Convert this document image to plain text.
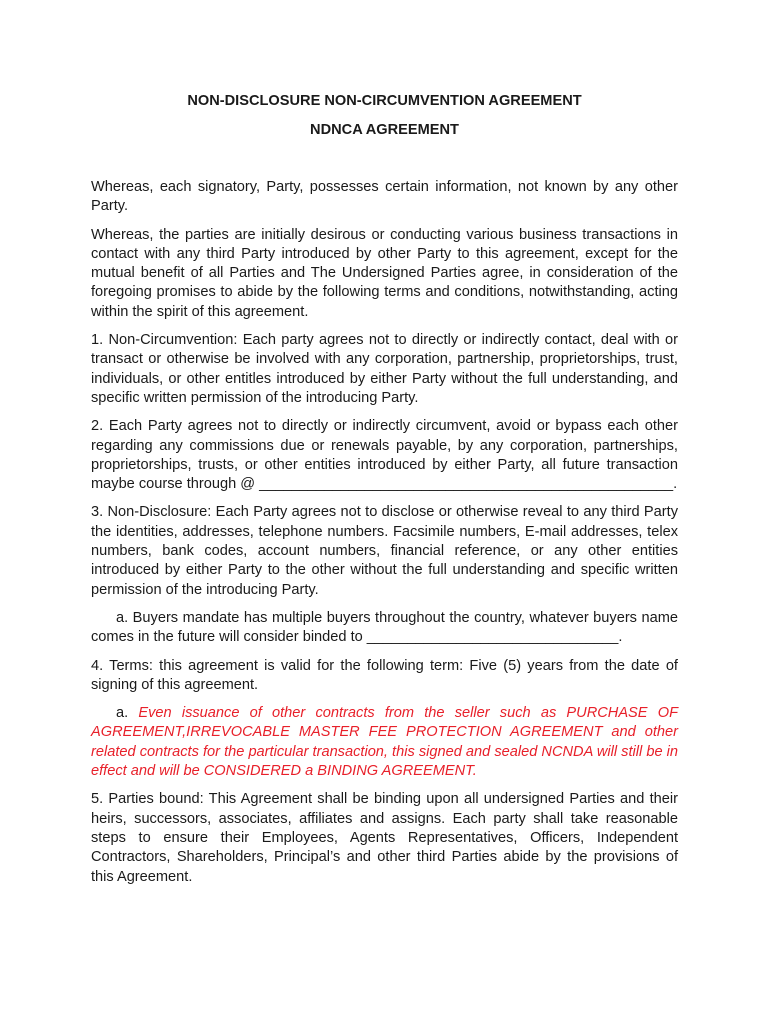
NON-DISCLOSURE NON-CIRCUMVENTION AGREEMENT

NDNCA AGREEMENT

Whereas, each signatory, Party, possesses certain information, not known by any other Party.

Whereas, the parties are initially desirous or conducting various business transactions in contact with any third Party introduced by other Party to this agreement, except for the mutual benefit of all Parties and The Undersigned Parties agree, in consideration of the foregoing promises to abide by the following terms and conditions, notwithstanding, acting within the spirit of this agreement.

1. Non-Circumvention: Each party agrees not to directly or indirectly contact, deal with or transact or otherwise be involved with any corporation, partnership, proprietorships, trust, individuals, or other entitles introduced by either Party without the full understanding, and specific written permission of the introducing Party.

2. Each Party agrees not to directly or indirectly circumvent, avoid or bypass each other regarding any commissions due or renewals payable, by any corporation, partnerships, proprietorships, trusts, or other entities introduced by either Party, all future transaction maybe course through @ ___________________________________________________.

3. Non-Disclosure: Each Party agrees not to disclose or otherwise reveal to any third Party the identities, addresses, telephone numbers. Facsimile numbers, E-mail addresses, telex numbers, bank codes, account numbers, financial reference, or any other entities introduced by either Party to the other without the full understanding and specific written permission of the introducing Party.

a. Buyers mandate has multiple buyers throughout the country, whatever buyers name comes in the future will consider binded to _______________________________.

4. Terms: this agreement is valid for the following term: Five (5) years from the date of signing of this agreement.

a. Even issuance of other contracts from the seller such as PURCHASE OF AGREEMENT,IRREVOCABLE MASTER FEE PROTECTION AGREEMENT and other related contracts for the particular transaction, this signed and sealed NCNDA will still be in effect and will be CONSIDERED a BINDING AGREEMENT.

5. Parties bound: This Agreement shall be binding upon all undersigned Parties and their heirs, successors, associates, affiliates and assigns. Each party shall take reasonable steps to ensure their Employees, Agents Representatives, Officers, Independent Contractors, Shareholders, Principal’s and other third Parties abide by the provisions of this Agreement.
